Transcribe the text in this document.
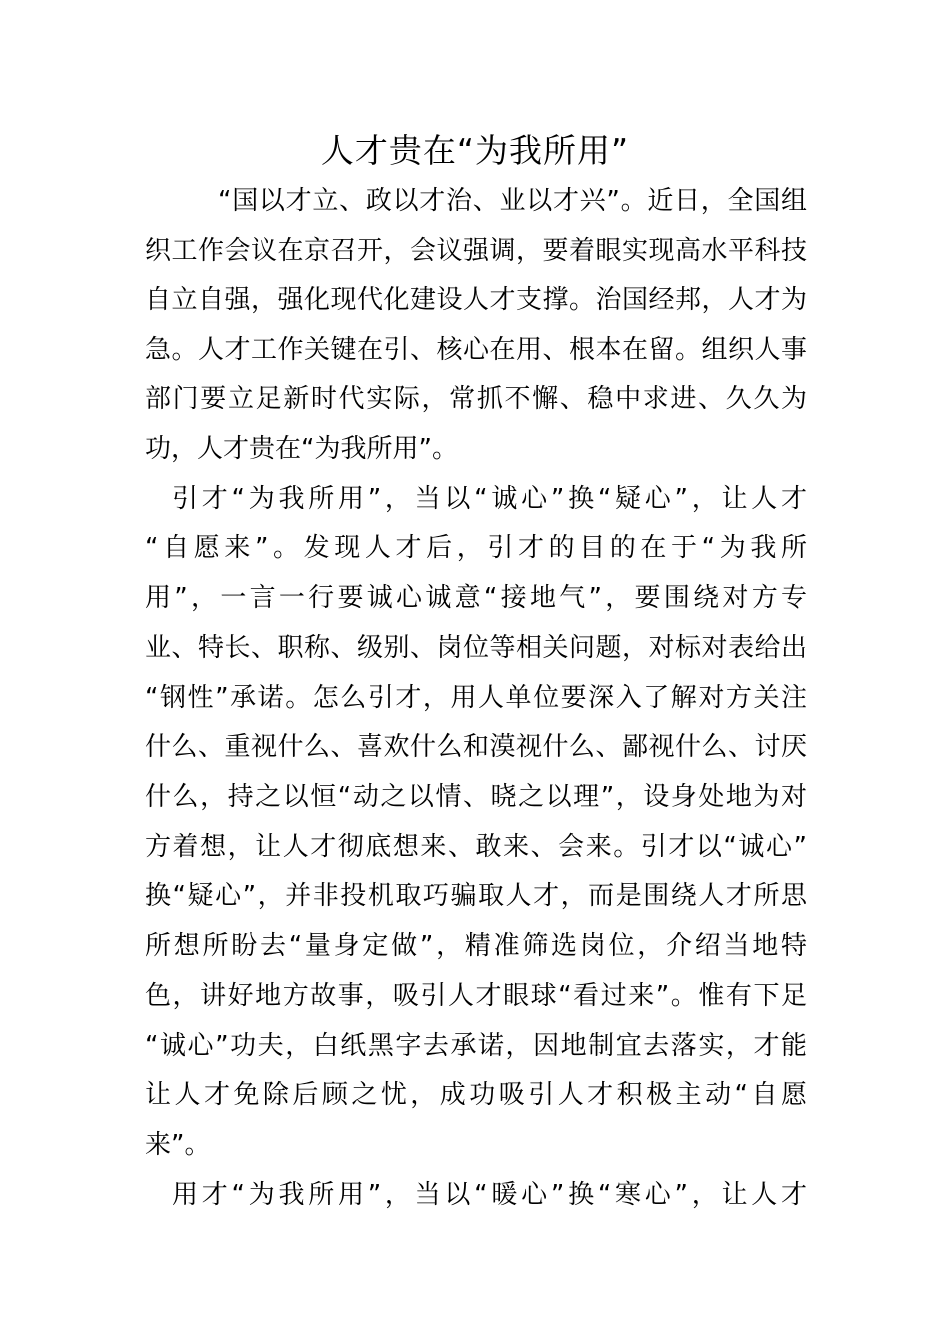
人才贵在“为我所用”

“国以才立、政以才治、业以才兴”。近日，全国组

织工作会议在京召开，会议强调，要着眼实现高水平科技

自立自强，强化现代化建设人才支撑。治国经邦，人才为

急。人才工作关键在引、核心在用、根本在留。组织人事

部门要立足新时代实际，常抓不懈、稳中求进、久久为

功，人才贵在“为我所用”。

引才“为我所用”，当以“诚心”换“疑心”，让人才

“自愿来”。发现人才后，引才的目的在于“为我所

用”，一言一行要诚心诚意“接地气”，要围绕对方专

业、特长、职称、级别、岗位等相关问题，对标对表给出

“钢性”承诺。怎么引才，用人单位要深入了解对方关注

什么、重视什么、喜欢什么和漠视什么、鄙视什么、讨厌

什么，持之以恒“动之以情、晓之以理”，设身处地为对

方着想，让人才彻底想来、敢来、会来。引才以“诚心”

换“疑心”，并非投机取巧骗取人才，而是围绕人才所思

所想所盼去“量身定做”，精准筛选岗位，介绍当地特

色，讲好地方故事，吸引人才眼球“看过来”。惟有下足

“诚心”功夫，白纸黑字去承诺，因地制宜去落实，才能

让人才免除后顾之忧，成功吸引人才积极主动“自愿

来”。

用才“为我所用”，当以“暖心”换“寒心”，让人才
